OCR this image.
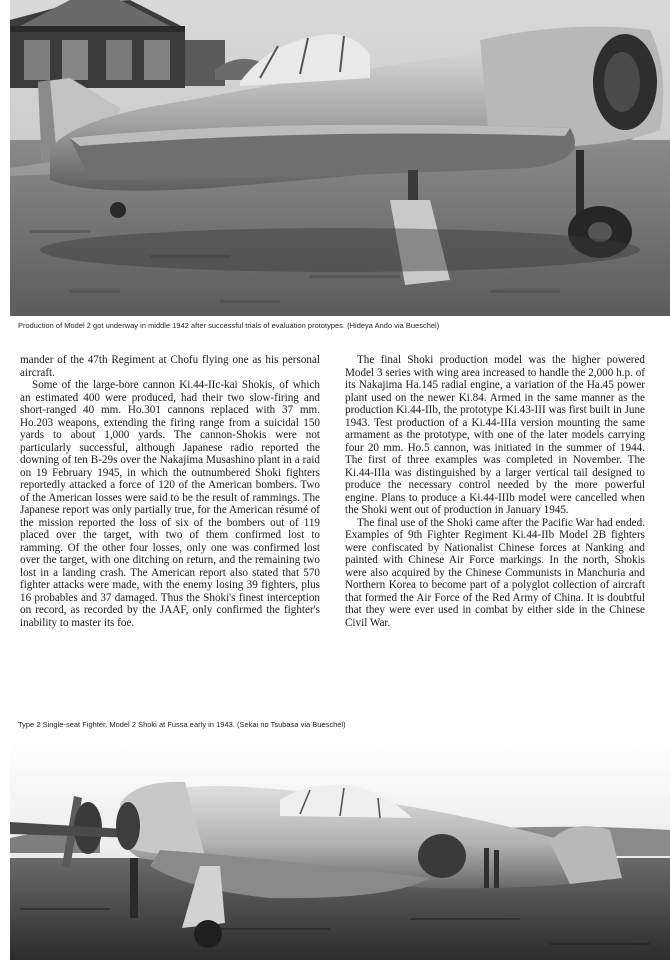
Production of Model 2 got underway in middle 1942 after successful trials of evaluation prototypes. (Hideya Ando via Bueschel)

mander of the 47th Regiment at Chofu flying one as his personal aircraft.

Some of the large-bore cannon Ki.44-IIc-kai Shokis, of which an estimated 400 were produced, had their two slow-firing and short-ranged 40 mm. Ho.301 cannons replaced with 37 mm. Ho.203 weapons, extending the firing range from a suicidal 150 yards to about 1,000 yards. The cannon-Shokis were not particularly successful, although Japanese radio reported the downing of ten B-29s over the Nakajima Musashino plant in a raid on 19 February 1945, in which the outnumbered Shoki fighters reportedly attacked a force of 120 of the American bombers. Two of the American losses were said to be the result of rammings. The Japanese report was only partially true, for the American résumé of the mission reported the loss of six of the bombers out of 119 placed over the target, with two of them confirmed lost to ramming. Of the other four losses, only one was confirmed lost over the target, with one ditching on return, and the remaining two lost in a landing crash. The American report also stated that 570 fighter attacks were made, with the enemy losing 39 fighters, plus 16 probables and 37 damaged. Thus the Shoki's finest interception on record, as recorded by the JAAF, only confirmed the fighter's inability to master its foe.

The final Shoki production model was the higher powered Model 3 series with wing area increased to handle the 2,000 h.p. of its Nakajima Ha.145 radial engine, a variation of the Ha.45 power plant used on the newer Ki.84. Armed in the same manner as the production Ki.44-IIb, the prototype Ki.43-III was first built in June 1943. Test production of a Ki.44-IIIa version mounting the same armament as the prototype, with one of the later models carrying four 20 mm. Ho.5 cannon, was initiated in the summer of 1944. The first of three examples was completed in November. The Ki.44-IIIa was distinguished by a larger vertical tail designed to produce the necessary control needed by the more powerful engine. Plans to produce a Ki.44-IIIb model were cancelled when the Shoki went out of production in January 1945.

The final use of the Shoki came after the Pacific War had ended. Examples of 9th Fighter Regiment Ki.44-IIb Model 2B fighters were confiscated by Nationalist Chinese forces at Nanking and painted with Chinese Air Force markings. In the north, Shokis were also acquired by the Chinese Communists in Manchuria and Northern Korea to become part of a polyglot collection of aircraft that formed the Air Force of the Red Army of China. It is doubtful that they were ever used in combat by either side in the Chinese Civil War.

Type 2 Single-seat Fighter. Model 2 Shoki at Fussa early in 1943. (Sekai no Tsubasa via Bueschel)
